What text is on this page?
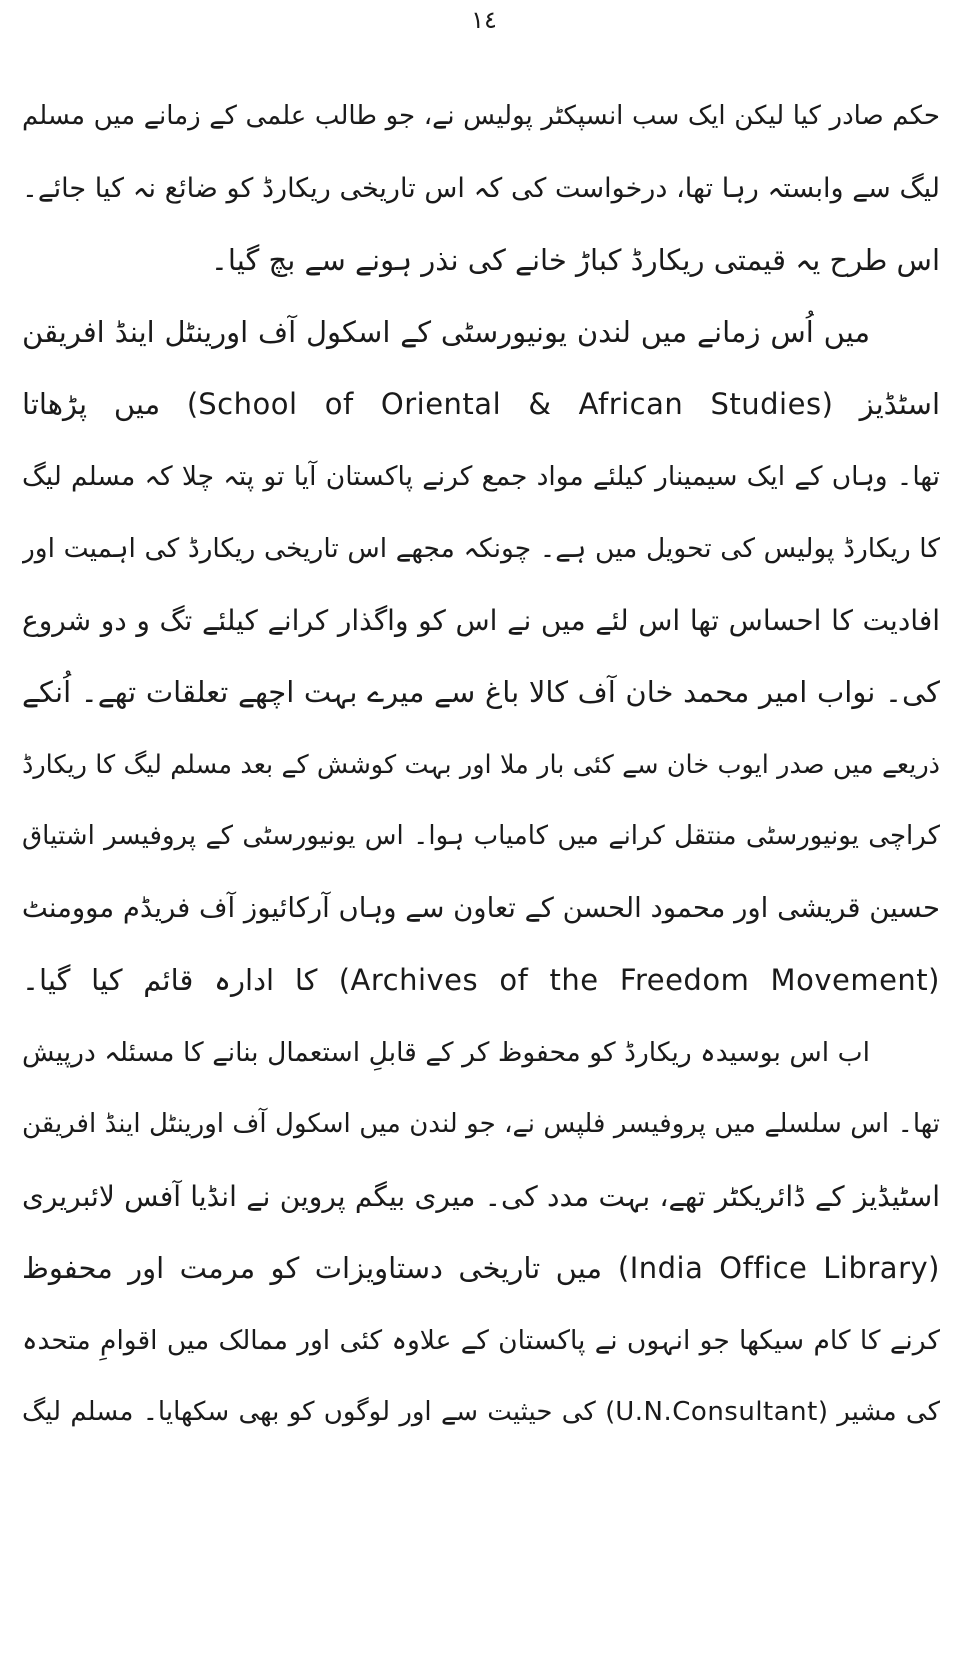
١٤
حکم صادر کیا لیکن ایک سب انسپکٹر پولیس نے، جو طالب علمی کے زمانے میں مسلم
لیگ سے وابستہ رہا تھا، درخواست کی کہ اس تاریخی ریکارڈ کو ضائع نہ کیا جائے۔
اس طرح یہ قیمتی ریکارڈ کباڑ خانے کی نذر ہونے سے بچ گیا۔
میں اُس زمانے میں لندن یونیورسٹی کے اسکول آف اورینٹل اینڈ افریقن
اسٹڈیز (School of Oriental & African Studies) میں پڑھاتا
تھا۔ وہاں کے ایک سیمینار کیلئے مواد جمع کرنے پاکستان آیا تو پتہ چلا کہ مسلم لیگ
کا ریکارڈ پولیس کی تحویل میں ہے۔ چونکہ مجھے اس تاریخی ریکارڈ کی اہمیت اور
افادیت کا احساس تھا اس لئے میں نے اس کو واگذار کرانے کیلئے تگ و دو شروع
کی۔ نواب امیر محمد خان آف کالا باغ سے میرے بہت اچھے تعلقات تھے۔ اُنکے
ذریعے میں صدر ایوب خان سے کئی بار ملا اور بہت کوشش کے بعد مسلم لیگ کا ریکارڈ
کراچی یونیورسٹی منتقل کرانے میں کامیاب ہوا۔ اس یونیورسٹی کے پروفیسر اشتیاق
حسین قریشی اور محمود الحسن کے تعاون سے وہاں آرکائیوز آف فریڈم موومنٹ
(Archives of the Freedom Movement) کا ادارہ قائم کیا گیا۔
اب اس بوسیدہ ریکارڈ کو محفوظ کر کے قابلِ استعمال بنانے کا مسئلہ درپیش
تھا۔ اس سلسلے میں پروفیسر فلپس نے، جو لندن میں اسکول آف اورینٹل اینڈ افریقن
اسٹیڈیز کے ڈائریکٹر تھے، بہت مدد کی۔ میری بیگم پروین نے انڈیا آفس لائبریری
(India Office Library) میں تاریخی دستاویزات کو مرمت اور محفوظ
کرنے کا کام سیکھا جو انہوں نے پاکستان کے علاوہ کئی اور ممالک میں اقوامِ متحدہ
کی مشیر (U.N.Consultant) کی حیثیت سے اور لوگوں کو بھی سکھایا۔ مسلم لیگ
